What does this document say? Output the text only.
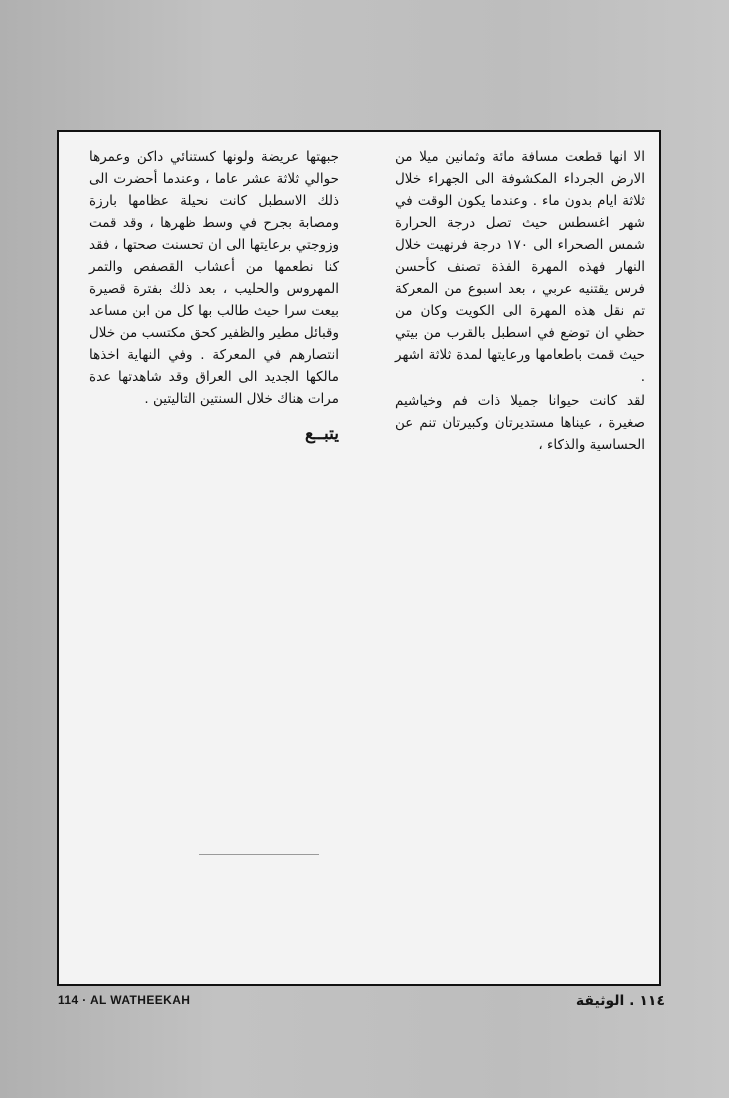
الا انها قطعت مسافة مائة وثمانين ميلا من الارض الجرداء المكشوفة الى الجهراء خلال ثلاثة ايام بدون ماء . وعندما يكون الوقت في شهر اغسطس حيث تصل درجة الحرارة شمس الصحراء الى ١٧٠ درجة فرنهيت خلال النهار فهذه المهرة الفذة تصنف كأحسن فرس يقتنيه عربي ، بعد اسبوع من المعركة تم نقل هذه المهرة الى الكويت وكان من حظي ان توضع في اسطبل بالقرب من بيتي حيث قمت باطعامها ورعايتها لمدة ثلاثة اشهر .

لقد كانت حيوانا جميلا ذات فم وخياشيم صغيرة ، عيناها مستديرتان وكبيرتان تنم عن الحساسية والذكاء ،

جبهتها عريضة ولونها كستنائي داكن وعمرها حوالي ثلاثة عشر عاما ، وعندما أحضرت الى ذلك الاسطبل كانت نحيلة عظامها بارزة ومصابة بجرح في وسط ظهرها ، وقد قمت وزوجتي برعايتها الى ان تحسنت صحتها ، فقد كنا نطعمها من أعشاب القصفص والتمر المهروس والحليب ، بعد ذلك بفترة قصيرة بيعت سرا حيث طالب بها كل من ابن مساعد وقبائل مطير والظفير كحق مكتسب من خلال انتصارهم في المعركة . وفي النهاية اخذها مالكها الجديد الى العراق وقد شاهدتها عدة مرات هناك خلال السنتين التاليتين .

يتبــع
114 · AL WATHEEKAH	١١٤ . الوثيقة
